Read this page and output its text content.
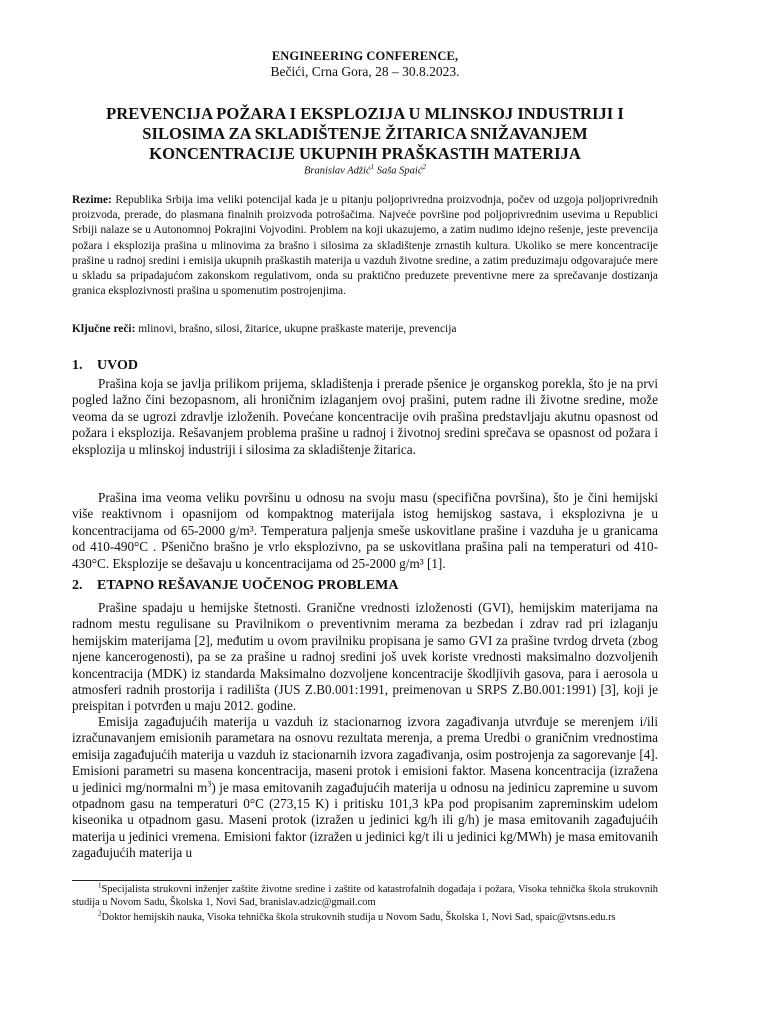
ENGINEERING CONFERENCE,
Bečići, Crna Gora, 28 – 30.8.2023.
PREVENCIJA POŽARA I EKSPLOZIJA U MLINSKOJ INDUSTRIJI I
SILOSIMA ZA SKLADIŠTENJE ŽITARICA SNIŽAVANJEM
KONCENTRACIJE UKUPNIH PRAŠKASTIH MATERIJA
Branislav Adžić$^1$ Saša Spaić$^2$
Rezime: Republika Srbija ima veliki potencijal kada je u pitanju poljoprivredna proizvodnja, počev od uzgoja poljoprivrednih proizvoda, prerade, do plasmana finalnih proizvoda potrošačima. Najveće površine pod poljoprivrednim usevima u Republici Srbiji nalaze se u Autonomnoj Pokrajini Vojvodini. Problem na koji ukazujemo, a zatim nudimo idejno rešenje, jeste prevencija požara i eksplozija prašina u mlinovima za brašno i silosima za skladištenje zrnastih kultura. Ukoliko se mere koncentracije prašine u radnoj sredini i emisija ukupnih praškastih materija u vazduh životne sredine, a zatim preduzimaju odgovarajuće mere u skladu sa pripadajućom zakonskom regulativom, onda su praktično preduzete preventivne mere za sprečavanje dostizanja granica eksplozivnosti prašina u spomenutim postrojenjima.
Ključne reči: mlinovi, brašno, silosi, žitarice, ukupne praškaste materije, prevencija
1. UVOD

Prašina koja se javlja prilikom prijema, skladištenja i prerade pšenice je organskog porekla, što je na prvi pogled lažno čini bezopasnom, ali hroničnim izlaganjem ovoj prašini, putem radne ili životne sredine, može veoma da se ugrozi zdravlje izloženih. Povećane koncentracije ovih prašina predstavljaju akutnu opasnost od požara i eksplozija. Rešavanjem problema prašine u radnoj i životnoj sredini sprečava se opasnost od požara i eksplozija u mlinskoj industriji i silosima za skladištenje žitarica.

Prašina ima veoma veliku površinu u odnosu na svoju masu (specifična površina), što je čini hemijski više reaktivnom i opasnijom od kompaktnog materijala istog hemijskog sastava, i eksplozivna je u koncentracijama od 65-2000 g/m³. Temperatura paljenja smeše uskovitlane prašine i vazduha je u granicama od 410-490°C . Pšenično brašno je vrlo eksplozivno, pa se uskovitlana prašina pali na temperaturi od 410-430°C. Eksplozije se dešavaju u koncentracijama od 25-2000 g/m³ [1].

2. ETAPNO REŠAVANJE UOČENOG PROBLEMA

Prašine spadaju u hemijske štetnosti. Granične vrednosti izloženosti (GVI), hemijskim materijama na radnom mestu regulisane su Pravilnikom o preventivnim merama za bezbedan i zdrav rad pri izlaganju hemijskim materijama [2], međutim u ovom pravilniku propisana je samo GVI za prašine tvrdog drveta (zbog njene kancerogenosti), pa se za prašine u radnoj sredini još uvek koriste vrednosti maksimalno dozvoljenih koncentracija (MDK) iz standarda Maksimalno dozvoljene koncentracije škodljivih gasova, para i aerosola u atmosferi radnih prostorija i radilišta (JUS Z.B0.001:1991, preimenovan u SRPS Z.B0.001:1991) [3], koji je preispitan i potvrđen u maju 2012. godine.

Emisija zagađujućih materija u vazduh iz stacionarnog izvora zagađivanja utvrđuje se merenjem i/ili izračunavanjem emisionih parametara na osnovu rezultata merenja, a prema Uredbi o graničnim vrednostima emisija zagađujućih materija u vazduh iz stacionarnih izvora zagađivanja, osim postrojenja za sagorevanje [4]. Emisioni parametri su masena koncentracija, maseni protok i emisioni faktor. Masena koncentracija (izražena u jedinici mg/normalni $m^3$) je masa emitovanih zagađujućih materija u odnosu na jedinicu zapremine u suvom otpadnom gasu na temperaturi 0°C (273,15 K) i pritisku 101,3 kPa pod propisanim zapreminskim udelom kiseonika u otpadnom gasu. Maseni protok (izražen u jedinici kg/h ili g/h) je masa emitovanih zagađujućih materija u jedinici vremena. Emisioni faktor (izražen u jedinici kg/t ili u jedinici kg/MWh) je masa emitovanih zagađujućih materija u

$^1$Specijalista strukovni inženjer zaštite životne sredine i zaštite od katastrofalnih događaja i požara, Visoka tehnička škola strukovnih studija u Novom Sadu, Školska 1, Novi Sad, branislav.adzic@gmail.com
$^2$Doktor hemijskih nauka, Visoka tehnička škola strukovnih studija u Novom Sadu, Školska 1, Novi Sad, spaic@vtsns.edu.rs
